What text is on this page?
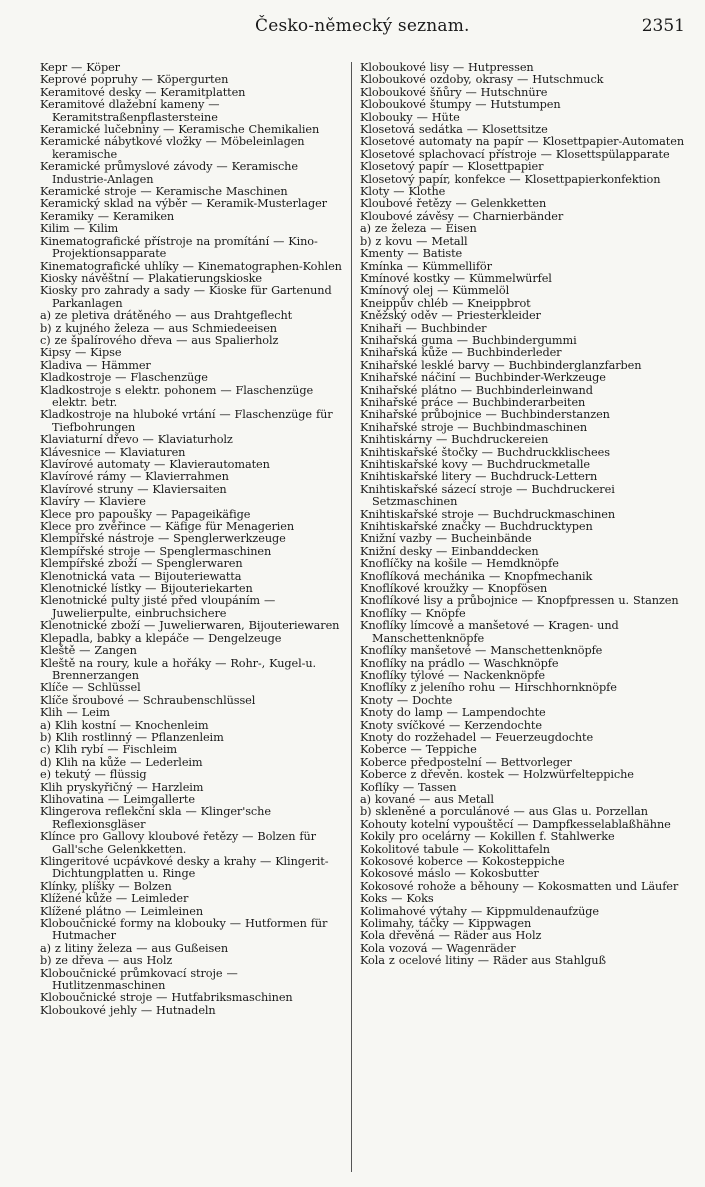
Česko-německý seznam.	2351

Kepr — Köper

Keprové popruhy — Köpergurten

Keramitové desky — Keramitplatten

Keramitové dlažební kameny — Keramitstraßenpflastersteine

Keramické lučebniny — Keramische Chemikalien

Keramické nábytkové vložky — Möbeleinlagen keramische

Keramické průmyslové závody — Keramische Industrie-Anlagen

Keramické stroje — Keramische Maschinen

Keramický sklad na výběr — Keramik-Musterlager

Keramiky — Keramiken

Kilim — Kilim

Kinematografické přístroje na promítání — Kino-Projektionsapparate

Kinematografické uhlíky — Kinematographen-Kohlen

Kiosky návěštní — Plakatierungskioske

Kiosky pro zahrady a sady — Kioske für Gartenund Parkanlagen

a) ze pletiva drátěného — aus Drahtgeflecht

b) z kujného železa — aus Schmiedeeisen

c) ze špalírového dřeva — aus Spalierholz

Kipsy — Kipse

Kladiva — Hämmer

Kladkostroje — Flaschenzüge

Kladkostroje s elektr. pohonem — Flaschenzüge elektr. betr.

Kladkostroje na hluboké vrtání — Flaschenzüge für Tiefbohrungen

Klaviaturní dřevo — Klaviaturholz

Klávesnice — Klaviaturen

Klavírové automaty — Klavierautomaten

Klavírové rámy — Klavierrahmen

Klavírové struny — Klaviersaiten

Klavíry — Klaviere

Klece pro papoušky — Papageikäfige

Klece pro zvěřince — Käfige für Menagerien

Klempířské nástroje — Spenglerwerkzeuge

Klempířské stroje — Spenglermaschinen

Klempířské zboží — Spenglerwaren

Klenotnická vata — Bijouteriewatta

Klenotnické lístky — Bijouteriekarten

Klenotnické pulty jisté před vloupáním — Juwelierpulte, einbruchsichere

Klenotnické zboží — Juwelierwaren, Bijouteriewaren

Klepadla, babky a klepáče — Dengelzeuge

Kleště — Zangen

Kleště na roury, kule a hořáky — Rohr-, Kugel-u. Brennerzangen

Klíče — Schlüssel

Klíče šroubové — Schraubenschlüssel

Klih — Leim

a) Klih kostní — Knochenleim

b) Klih rostlinný — Pflanzenleim

c) Klih rybí — Fischleim

d) Klih na kůže — Lederleim

e) tekutý — flüssig

Klih pryskyřičný — Harzleim

Klihovatina — Leimgallerte

Klingerova reflekční skla — Klinger'sche Reflexionsgläser

Klínce pro Gallovy kloubové řetězy — Bolzen für Gall'sche Gelenkketten.

Klingeritové ucpávkové desky a krahy — Klingerit-Dichtungplatten u. Ringe

Klínky, plíšky — Bolzen

Klížené kůže — Leimleder

Klížené plátno — Leimleinen

Kloboučnické formy na klobouky — Hutformen für Hutmacher

a) z litiny železa — aus Gußeisen

b) ze dřeva — aus Holz

Kloboučnické průmkovací stroje — Hutlitzenmaschinen

Kloboučnické stroje — Hutfabriksmaschinen

Kloboukové jehly — Hutnadeln

Kloboukové lisy — Hutpressen

Kloboukové ozdoby, okrasy — Hutschmuck

Kloboukové šňůry — Hutschnüre

Kloboukové štumpy — Hutstumpen

Klobouky — Hüte

Klosetová sedátka — Klosettsitze

Klosetové automaty na papír — Klosettpapier-Automaten

Klosetové splachovací přístroje — Klosettspülapparate

Klosetový papír — Klosettpapier

Klosetový papír, konfekce — Klosettpapierkonfektion

Kloty — Klothe

Kloubové řetězy — Gelenkketten

Kloubové závěsy — Charnierbänder

a) ze železa — Eisen

b) z kovu — Metall

Kmenty — Batiste

Kmínka — Kümmelliför

Kmínové kostky — Kümmelwürfel

Kmínový olej — Kümmelöl

Kneippův chléb — Kneippbrot

Kněžský oděv — Priesterkleider

Knihaři — Buchbinder

Knihařská guma — Buchbindergummi

Knihařská kůže — Buchbinderleder

Knihařské lesklé barvy — Buchbinderglanzfarben

Knihařské náčiní — Buchbinder-Werkzeuge

Knihařské plátno — Buchbinderleinwand

Knihařské práce — Buchbinderarbeiten

Knihařské průbojnice — Buchbinderstanzen

Knihařské stroje — Buchbindmaschinen

Knihtiskárny — Buchdruckereien

Knihtiskařské štočky — Buchdruckklischees

Knihtiskařské kovy — Buchdruckmetalle

Knihtiskařské litery — Buchdruck-Lettern

Knihtiskařské sázecí stroje — Buchdruckerei Setzmaschinen

Knihtiskařské stroje — Buchdruckmaschinen

Knihtiskařské značky — Buchdrucktypen

Knižní vazby — Bucheinbände

Knižní desky — Einbanddecken

Knoflíčky na košile — Hemdknöpfe

Knoflíková mechánika — Knopfmechanik

Knoflíkové kroužky — Knopfösen

Knoflíkové lisy a průbojnice — Knopfpressen u. Stanzen

Knoflíky — Knöpfe

Knoflíky límcové a manšetové — Kragen- und Manschettenknöpfe

Knoflíky manšetové — Manschettenknöpfe

Knoflíky na prádlo — Waschknöpfe

Knoflíky týlové — Nackenknöpfe

Knoflíky z jeleního rohu — Hirschhornknöpfe

Knoty — Dochte

Knoty do lamp — Lampendochte

Knoty svíčkové — Kerzendochte

Knoty do rozžehadel — Feuerzeugdochte

Koberce — Teppiche

Koberce předpostelní — Bettvorleger

Koberce z dřevěn. kostek — Holzwürfelteppiche

Koflíky — Tassen

a) kované — aus Metall

b) skleněné a porculánové — aus Glas u. Porzellan

Kohouty kotelní vypouštěcí — Dampfkesselablaßhähne

Kokily pro ocelárny — Kokillen f. Stahlwerke

Kokolitové tabule — Kokolittafeln

Kokosové koberce — Kokosteppiche

Kokosové máslo — Kokosbutter

Kokosové rohože a běhouny — Kokosmatten und Läufer

Koks — Koks

Kolimahové výtahy — Kippmuldenaufzüge

Kolimahy, táčky — Kippwagen

Kola dřevěná — Räder aus Holz

Kola vozová — Wagenräder

Kola z ocelové litiny — Räder aus Stahlguß
